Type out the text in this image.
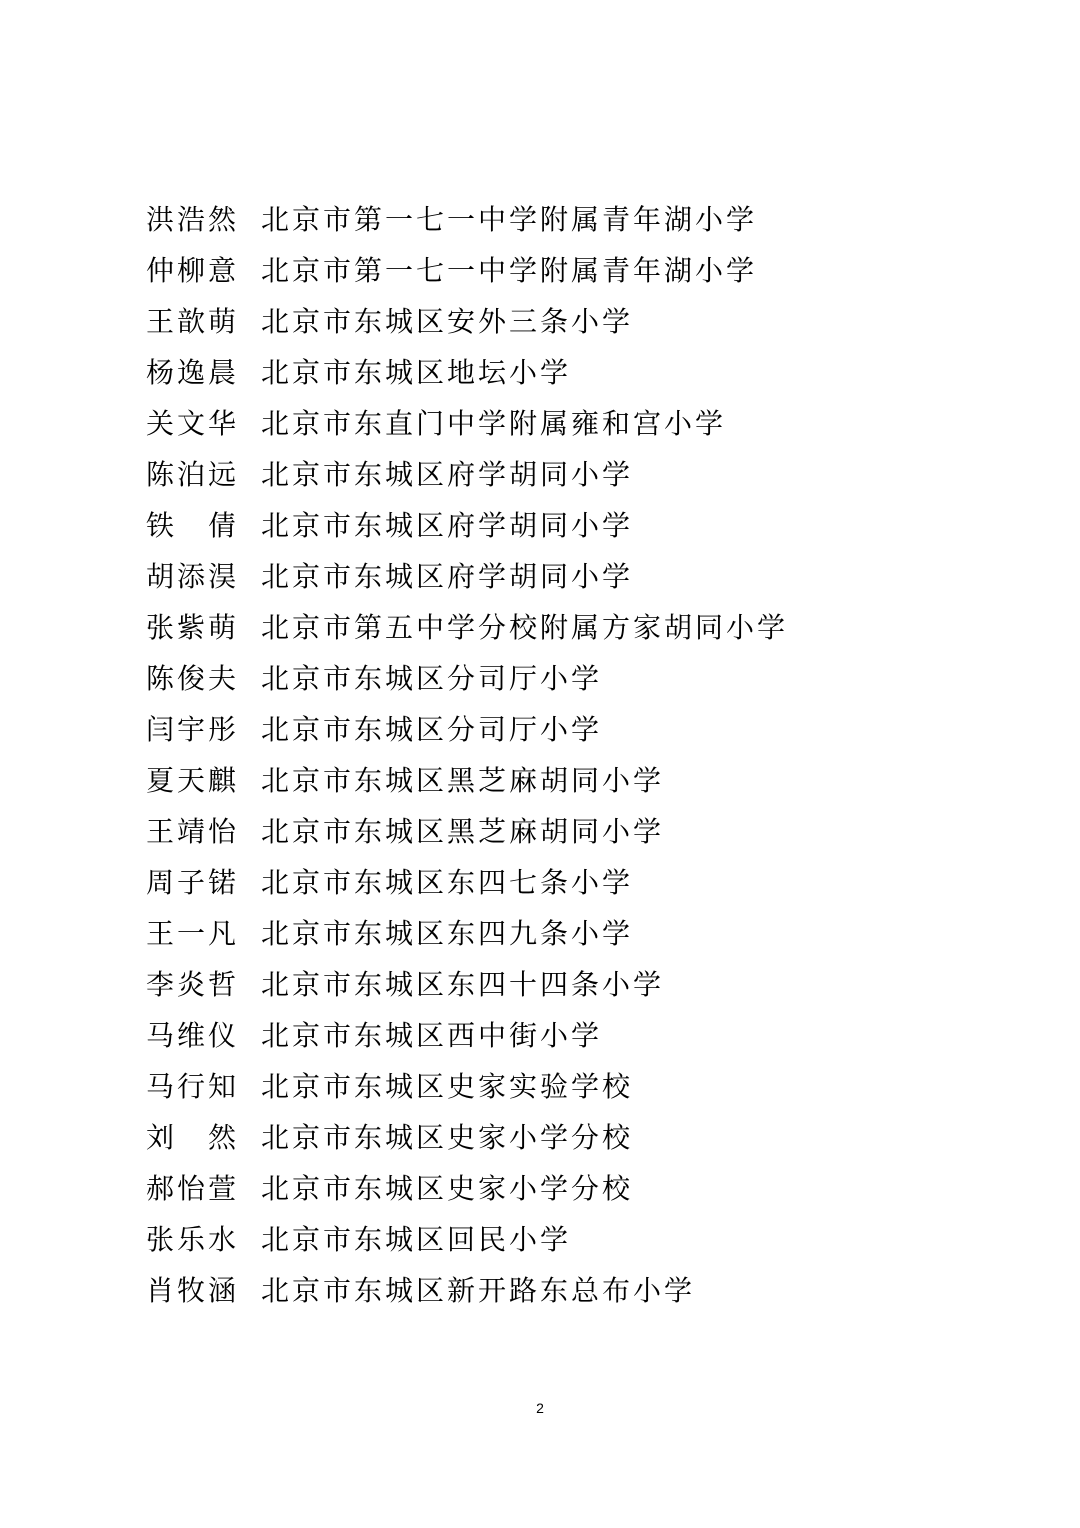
洪浩然 北京市第一七一中学附属青年湖小学
仲柳意 北京市第一七一中学附属青年湖小学
王歆萌 北京市东城区安外三条小学
杨逸晨 北京市东城区地坛小学
关文华 北京市东直门中学附属雍和宫小学
陈泊远 北京市东城区府学胡同小学
铁　倩 北京市东城区府学胡同小学
胡添淏 北京市东城区府学胡同小学
张紫萌 北京市第五中学分校附属方家胡同小学
陈俊夫 北京市东城区分司厅小学
闫宇彤 北京市东城区分司厅小学
夏天麒 北京市东城区黑芝麻胡同小学
王靖怡 北京市东城区黑芝麻胡同小学
周子锘 北京市东城区东四七条小学
王一凡 北京市东城区东四九条小学
李炎哲 北京市东城区东四十四条小学
马维仪 北京市东城区西中街小学
马行知 北京市东城区史家实验学校
刘　然 北京市东城区史家小学分校
郝怡萱 北京市东城区史家小学分校
张乐水 北京市东城区回民小学
肖牧涵 北京市东城区新开路东总布小学
2
